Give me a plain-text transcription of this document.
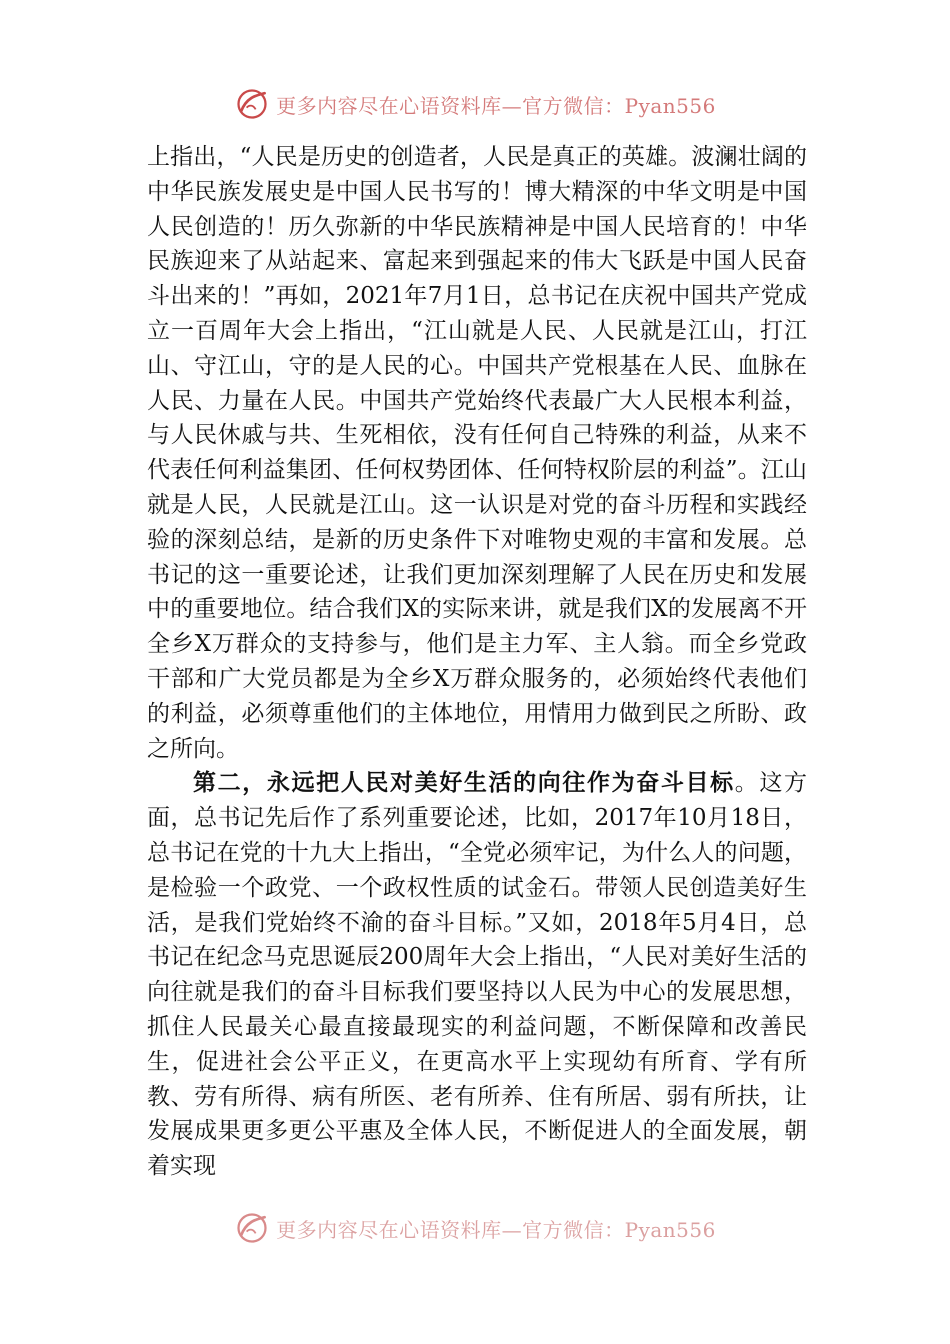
更多内容尽在心语资料库—官方微信：Pyan556

上指出，“人民是历史的创造者，人民是真正的英雄。波澜壮阔的中华民族发展史是中国人民书写的！博大精深的中华文明是中国人民创造的！历久弥新的中华民族精神是中国人民培育的！中华民族迎来了从站起来、富起来到强起来的伟大飞跃是中国人民奋斗出来的！”再如，2021年7月1日，总书记在庆祝中国共产党成立一百周年大会上指出，“江山就是人民、人民就是江山，打江山、守江山，守的是人民的心。中国共产党根基在人民、血脉在人民、力量在人民。中国共产党始终代表最广大人民根本利益，与人民休戚与共、生死相依，没有任何自己特殊的利益，从来不代表任何利益集团、任何权势团体、任何特权阶层的利益”。江山就是人民，人民就是江山。这一认识是对党的奋斗历程和实践经验的深刻总结，是新的历史条件下对唯物史观的丰富和发展。总书记的这一重要论述，让我们更加深刻理解了人民在历史和发展中的重要地位。结合我们X的实际来讲，就是我们X的发展离不开全乡X万群众的支持参与，他们是主力军、主人翁。而全乡党政干部和广大党员都是为全乡X万群众服务的，必须始终代表他们的利益，必须尊重他们的主体地位，用情用力做到民之所盼、政之所向。

第二，永远把人民对美好生活的向往作为奋斗目标。这方面，总书记先后作了系列重要论述，比如，2017年10月18日，总书记在党的十九大上指出，“全党必须牢记，为什么人的问题，是检验一个政党、一个政权性质的试金石。带领人民创造美好生活，是我们党始终不渝的奋斗目标。”又如，2018年5月4日，总书记在纪念马克思诞辰200周年大会上指出，“人民对美好生活的向往就是我们的奋斗目标我们要坚持以人民为中心的发展思想，抓住人民最关心最直接最现实的利益问题，不断保障和改善民生，促进社会公平正义，在更高水平上实现幼有所育、学有所教、劳有所得、病有所医、老有所养、住有所居、弱有所扶，让发展成果更多更公平惠及全体人民，不断促进人的全面发展，朝着实现

更多内容尽在心语资料库—官方微信：Pyan556
